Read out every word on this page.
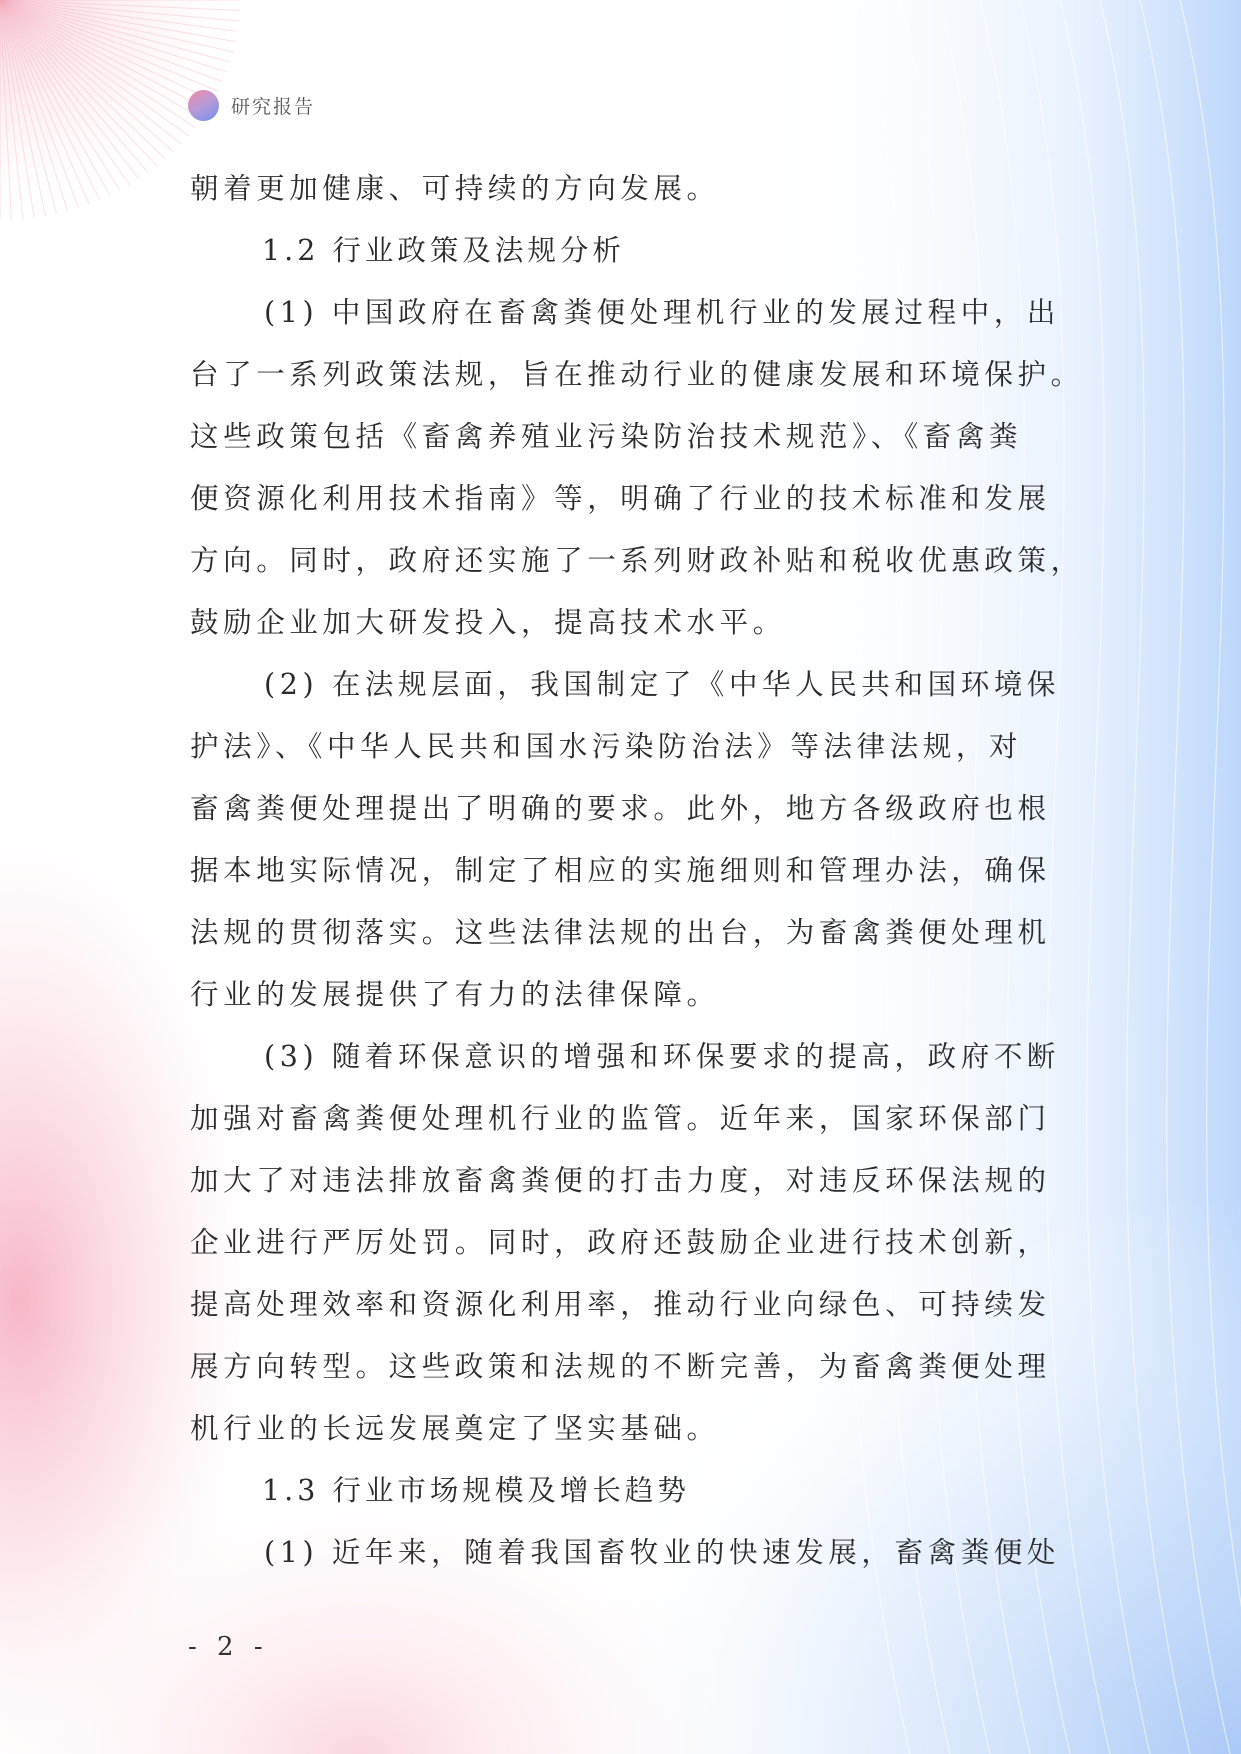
研究报告
朝着更加健康、可持续的方向发展。
1.2 行业政策及法规分析
(1) 中国政府在畜禽粪便处理机行业的发展过程中，出
台了一系列政策法规，旨在推动行业的健康发展和环境保护。
这些政策包括《畜禽养殖业污染防治技术规范》、《畜禽粪
便资源化利用技术指南》等，明确了行业的技术标准和发展
方向。同时，政府还实施了一系列财政补贴和税收优惠政策，
鼓励企业加大研发投入，提高技术水平。
(2) 在法规层面，我国制定了《中华人民共和国环境保
护法》、《中华人民共和国水污染防治法》等法律法规，对
畜禽粪便处理提出了明确的要求。此外，地方各级政府也根
据本地实际情况，制定了相应的实施细则和管理办法，确保
法规的贯彻落实。这些法律法规的出台，为畜禽粪便处理机
行业的发展提供了有力的法律保障。
(3) 随着环保意识的增强和环保要求的提高，政府不断
加强对畜禽粪便处理机行业的监管。近年来，国家环保部门
加大了对违法排放畜禽粪便的打击力度，对违反环保法规的
企业进行严厉处罚。同时，政府还鼓励企业进行技术创新，
提高处理效率和资源化利用率，推动行业向绿色、可持续发
展方向转型。这些政策和法规的不断完善，为畜禽粪便处理
机行业的长远发展奠定了坚实基础。
1.3 行业市场规模及增长趋势
(1) 近年来，随着我国畜牧业的快速发展，畜禽粪便处
- 2 -
